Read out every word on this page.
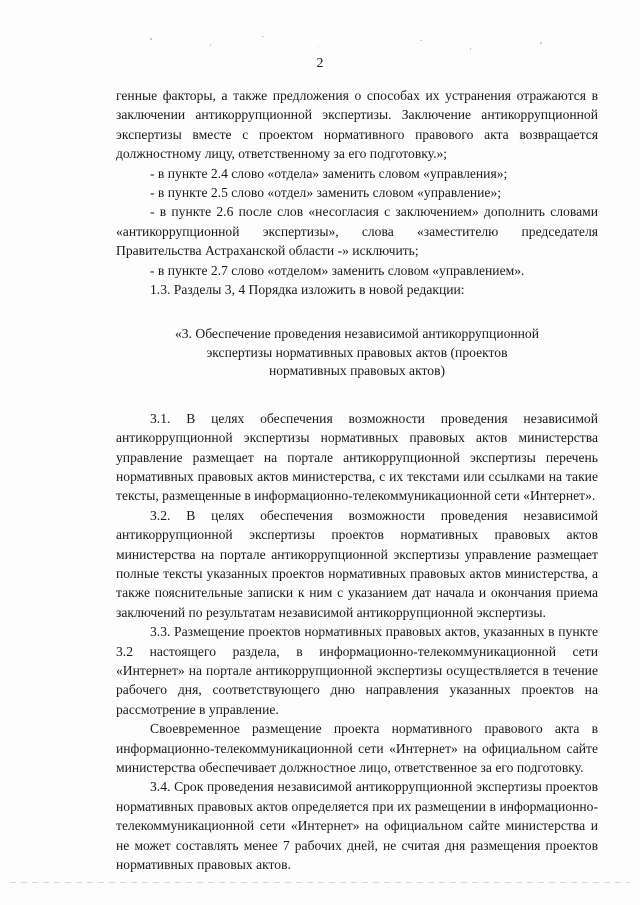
2

генные факторы, а также предложения о способах их устранения отражаются в заключении антикоррупционной экспертизы. Заключение антикоррупционной экспертизы вместе с проектом нормативного правового акта возвращается должностному лицу, ответственному за его подготовку.»;

- в пункте 2.4 слово «отдела» заменить словом «управления»;

- в пункте 2.5 слово «отдел» заменить словом «управление»;

- в пункте 2.6 после слов «несогласия с заключением» дополнить словами «антикоррупционной экспертизы», слова «заместителю председателя Правительства Астраханской области -» исключить;

- в пункте 2.7 слово «отделом» заменить словом «управлением».

1.3. Разделы 3, 4 Порядка изложить в новой редакции:

«3. Обеспечение проведения независимой антикоррупционной
экспертизы нормативных правовых актов (проектов
нормативных правовых актов)

3.1. В целях обеспечения возможности проведения независимой антикоррупционной экспертизы нормативных правовых актов министерства управление размещает на портале антикоррупционной экспертизы перечень нормативных правовых актов министерства, с их текстами или ссылками на такие тексты, размещенные в информационно-телекоммуникационной сети «Интернет».

3.2. В целях обеспечения возможности проведения независимой антикоррупционной экспертизы проектов нормативных правовых актов министерства на портале антикоррупционной экспертизы управление размещает полные тексты указанных проектов нормативных правовых актов министерства, а также пояснительные записки к ним с указанием дат начала и окончания приема заключений по результатам независимой антикоррупционной экспертизы.

3.3. Размещение проектов нормативных правовых актов, указанных в пункте 3.2 настоящего раздела, в информационно-телекоммуникационной сети «Интернет» на портале антикоррупционной экспертизы осуществляется в течение рабочего дня, соответствующего дню направления указанных проектов на рассмотрение в управление.

Своевременное размещение проекта нормативного правового акта в информационно-телекоммуникационной сети «Интернет» на официальном сайте министерства обеспечивает должностное лицо, ответственное за его подготовку.

3.4. Срок проведения независимой антикоррупционной экспертизы проектов нормативных правовых актов определяется при их размещении в информационно-телекоммуникационной сети «Интернет» на официальном сайте министерства и не может составлять менее 7 рабочих дней, не считая дня размещения проектов нормативных правовых актов.
